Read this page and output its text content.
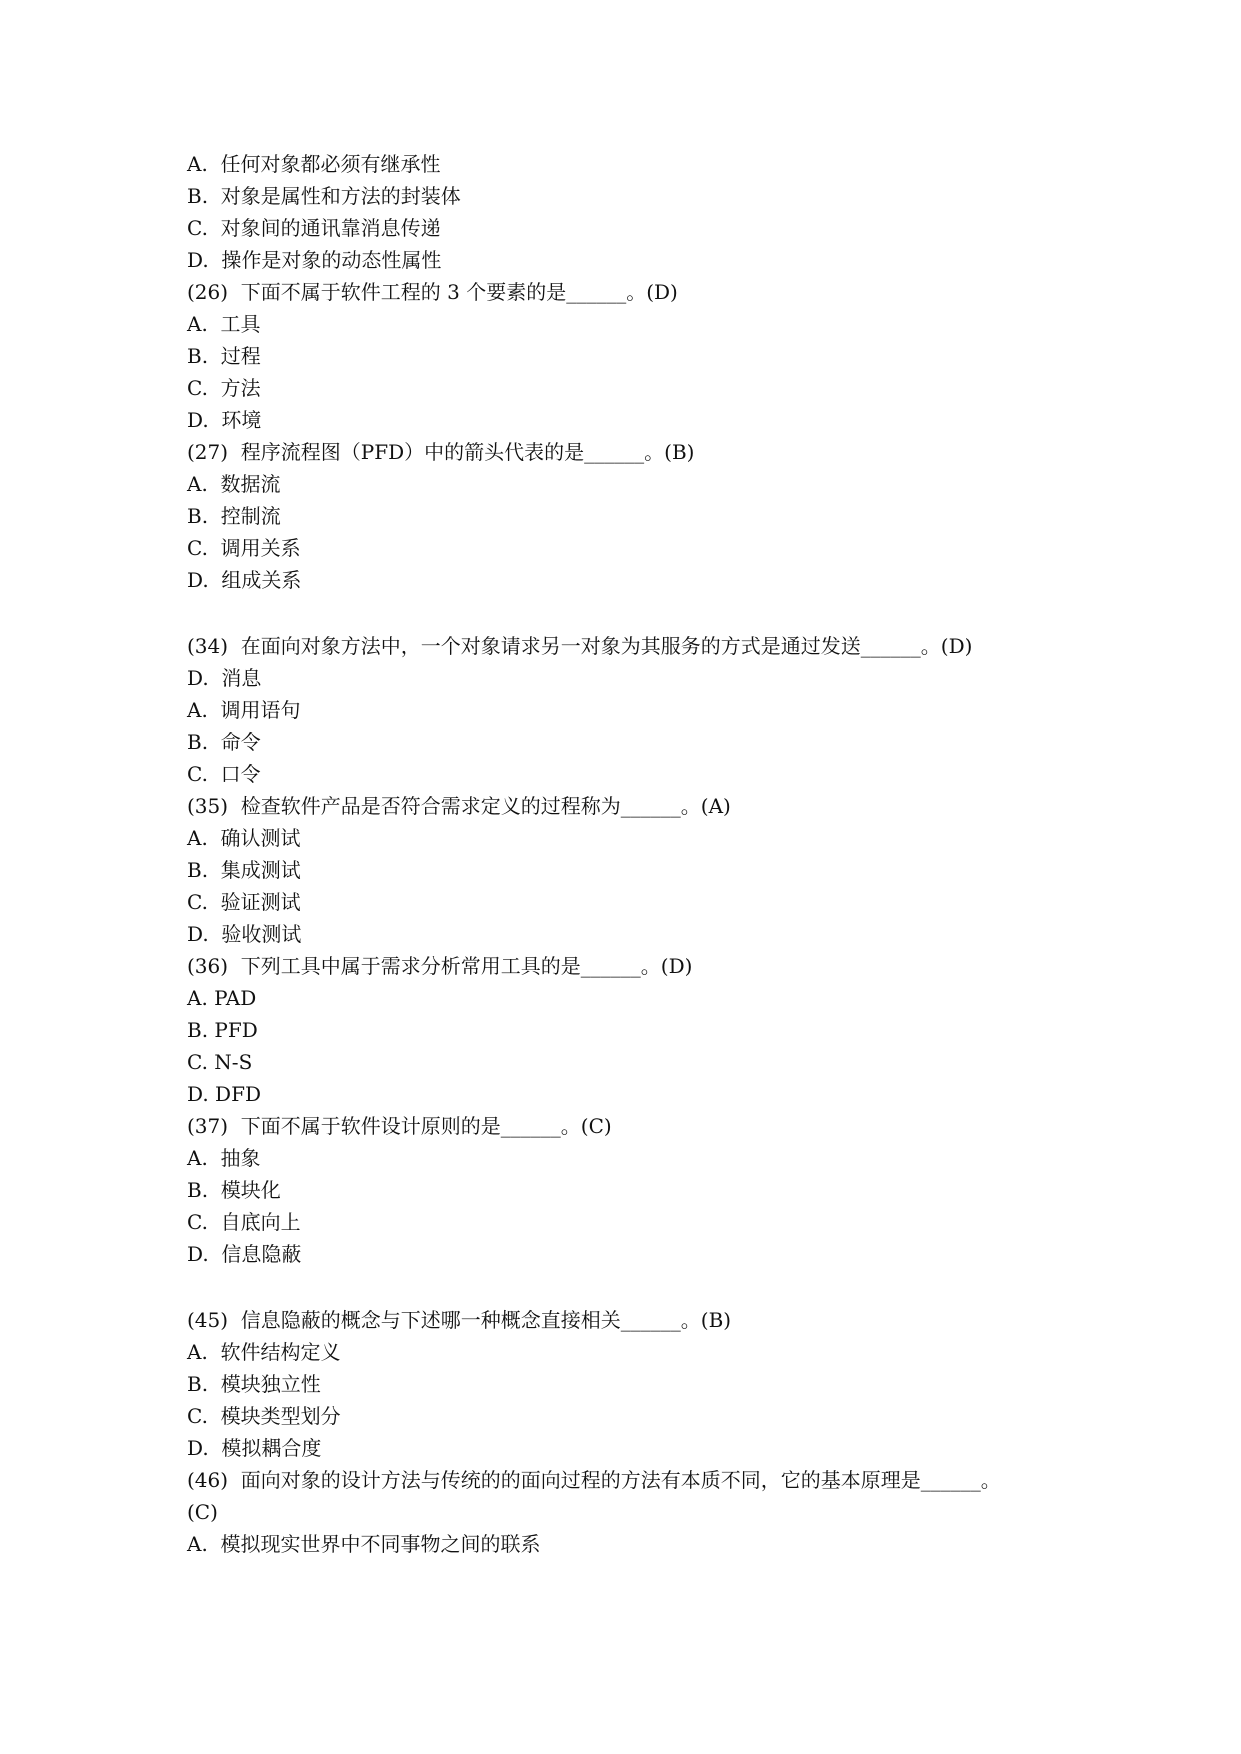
A.  任何对象都必须有继承性
B.  对象是属性和方法的封装体
C.  对象间的通讯靠消息传递
D.  操作是对象的动态性属性
(26)  下面不属于软件工程的 3 个要素的是______。(D)
A.  工具
B.  过程
C.  方法
D.  环境
(27)  程序流程图（PFD）中的箭头代表的是______。(B)
A.  数据流
B.  控制流
C.  调用关系
D.  组成关系
(34)  在面向对象方法中，一个对象请求另一对象为其服务的方式是通过发送______。(D)
D.  消息
A.  调用语句
B.  命令
C.  口令
(35)  检查软件产品是否符合需求定义的过程称为______。(A)
A.  确认测试
B.  集成测试
C.  验证测试
D.  验收测试
(36)  下列工具中属于需求分析常用工具的是______。(D)
A. PAD
B. PFD
C. N-S
D. DFD
(37)  下面不属于软件设计原则的是______。(C)
A.  抽象
B.  模块化
C.  自底向上
D.  信息隐蔽
(45)  信息隐蔽的概念与下述哪一种概念直接相关______。(B)
A.  软件结构定义
B.  模块独立性
C.  模块类型划分
D.  模拟耦合度
(46)  面向对象的设计方法与传统的的面向过程的方法有本质不同，它的基本原理是______。
(C)
A.  模拟现实世界中不同事物之间的联系
